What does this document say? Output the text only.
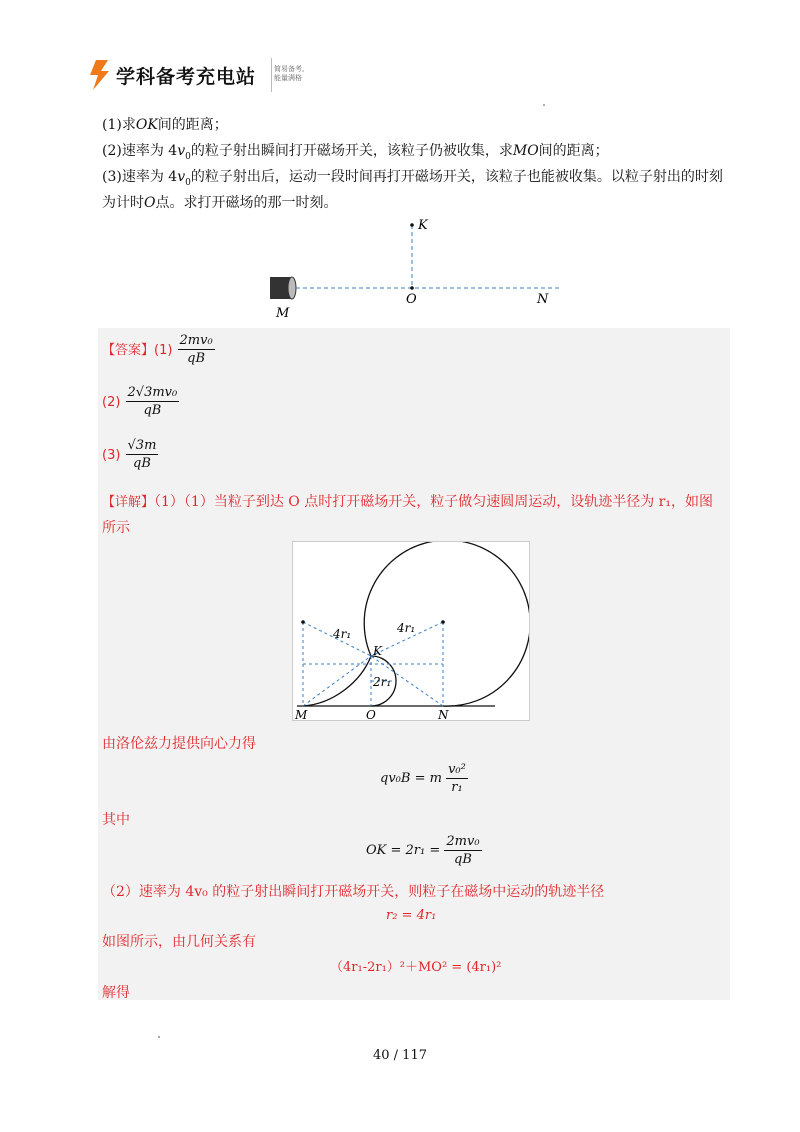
学科备考充电站	简易备考,
能量满格
(1)求OK间的距离；
(2)速率为 $4v_0$的粒子射出瞬间打开磁场开关，该粒子仍被收集，求MO间的距离；
(3)速率为 $4v_0$的粒子射出后，运动一段时间再打开磁场开关，该粒子也能被收集。以粒子射出的时刻
为计时O点。求打开磁场的那一时刻。
K
O	N
M
【答案】$(1) \frac{\text{2mv₀}}{qB}$
$(2) \frac{\text{2√3mv₀}}{qB}$
$(3) \frac{√3m}{qB}$
【详解】（1）（1）当粒子到达 O 点时打开磁场开关，粒子做匀速圆周运动，设轨迹半径为 r₁，如图
所示
4r₁	4r₁
K
2r₁
M	O	N
由洛伦兹力提供向心力得
qv₀B = m $\frac{\text{v₀²}}{\text{r₁}}$
其中
OK = $2r_1 = \frac{\text{2mv₀}}{qB}$
（2）速率为 4v₀ 的粒子射出瞬间打开磁场开关，则粒子在磁场中运动的轨迹半径
r₂ = 4r₁
如图所示，由几何关系有
（4r₁-2r₁）²＋MO² = (4r₁)²
解得
40 / 117
